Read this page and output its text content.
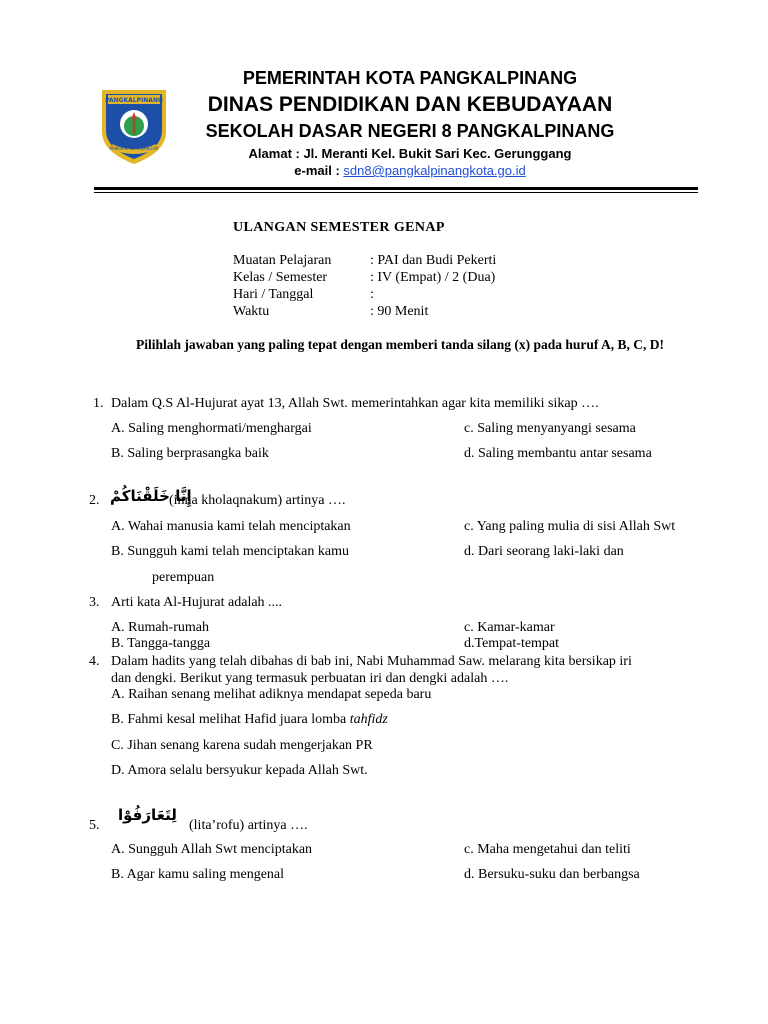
PANGKALPINANG
PANGKAL KEMENANGAN
PEMERINTAH KOTA PANGKALPINANG
DINAS PENDIDIKAN DAN KEBUDAYAAN
SEKOLAH DASAR NEGERI 8 PANGKALPINANG
Alamat : Jl. Meranti Kel. Bukit Sari Kec. Gerunggang
e-mail : sdn8@pangkalpinangkota.go.id
ULANGAN SEMESTER GENAP
Muatan Pelajaran	: PAI dan Budi Pekerti
Kelas / Semester	: IV (Empat) / 2 (Dua)
Hari / Tanggal	:
Waktu	: 90 Menit
Pilihlah jawaban yang paling tepat dengan memberi tanda silang (x) pada huruf A, B, C, D!
1. Dalam Q.S Al-Hujurat ayat 13, Allah Swt. memerintahkan agar kita memiliki sikap ….
A. Saling menghormati/menghargai	c. Saling menyanyangi sesama
B. Saling berprasangka baik	d. Saling membantu antar sesama
2. إِنَّا خَلَقْنَاكُمْ
(inna kholaqnakum) artinya ….
A. Wahai manusia kami telah menciptakan	c. Yang paling mulia di sisi Allah Swt
B. Sungguh kami telah menciptakan kamu	d. Dari seorang laki-laki dan
perempuan
3. Arti kata Al-Hujurat adalah ....
A. Rumah-rumah	c. Kamar-kamar
B. Tangga-tangga	d.Tempat-tempat
4. Dalam hadits yang telah dibahas di bab ini, Nabi Muhammad Saw. melarang kita bersikap iri
dan dengki. Berikut yang termasuk perbuatan iri dan dengki adalah ….
A. Raihan senang melihat adiknya mendapat sepeda baru
B. Fahmi kesal melihat Hafid juara lomba tahfidz
C. Jihan senang karena sudah mengerjakan PR
D. Amora selalu bersyukur kepada Allah Swt.
5.
لِتَعَارَفُوْا
(lita’rofu) artinya ….
A. Sungguh Allah Swt menciptakan	c. Maha mengetahui dan teliti
B. Agar kamu saling mengenal	d. Bersuku-suku dan berbangsa
